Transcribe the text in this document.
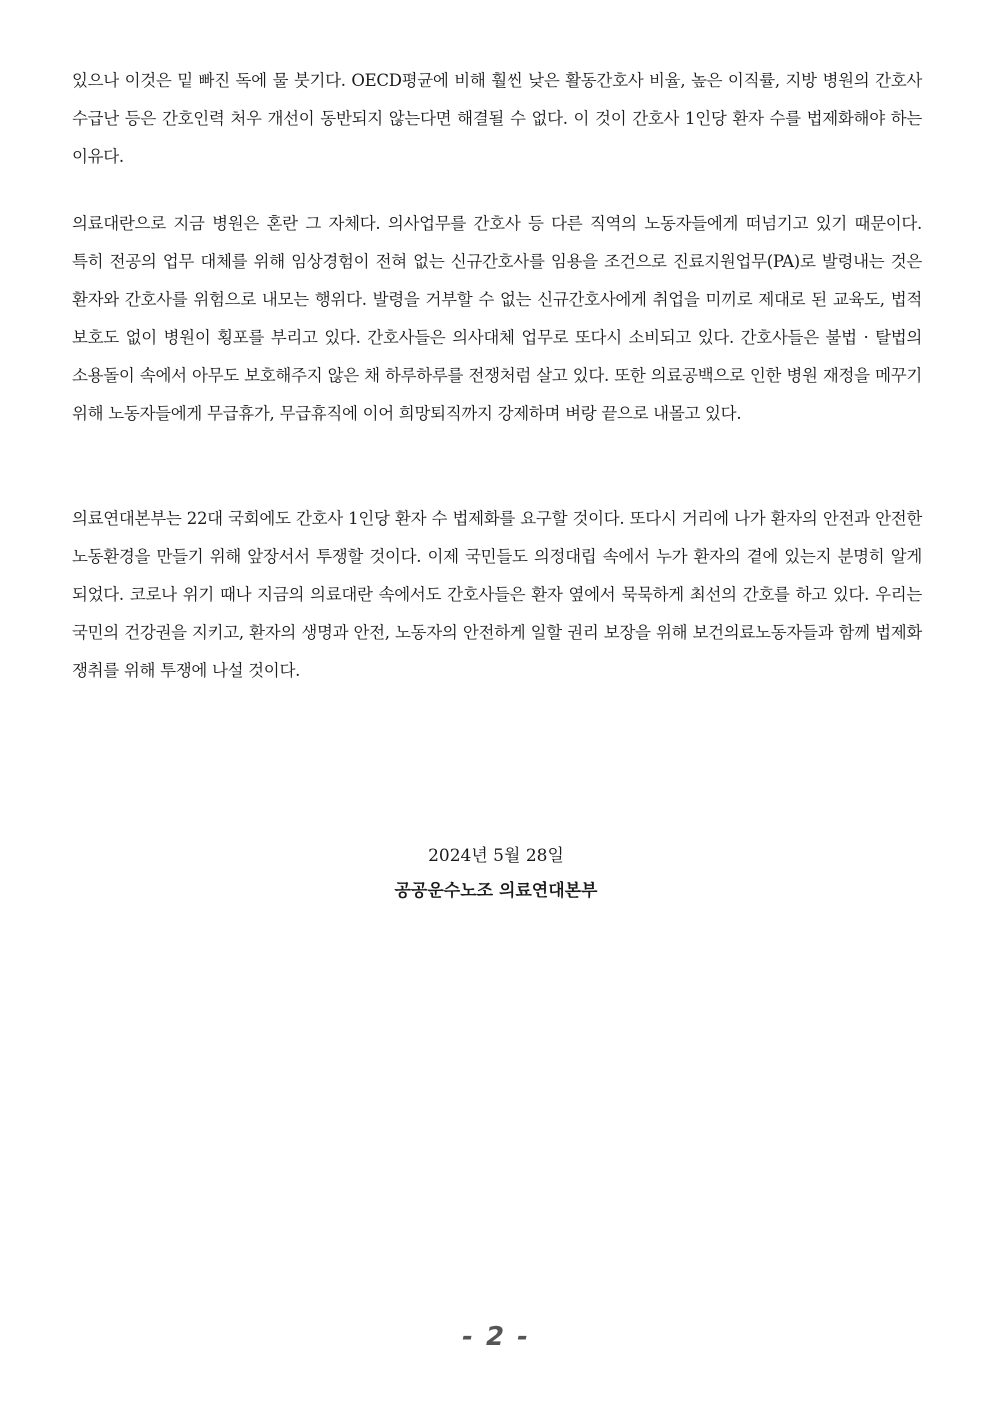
있으나 이것은 밑 빠진 독에 물 붓기다. OECD평균에 비해 훨씬 낮은 활동간호사 비율, 높은 이직률, 지방 병원의 간호사 수급난 등은 간호인력 처우 개선이 동반되지 않는다면 해결될 수 없다. 이 것이 간호사 1인당 환자 수를 법제화해야 하는 이유다.

의료대란으로 지금 병원은 혼란 그 자체다. 의사업무를 간호사 등 다른 직역의 노동자들에게 떠넘기고 있기 때문이다. 특히 전공의 업무 대체를 위해 임상경험이 전혀 없는 신규간호사를 임용을 조건으로 진료지원업무(PA)로 발령내는 것은 환자와 간호사를 위험으로 내모는 행위다. 발령을 거부할 수 없는 신규간호사에게 취업을 미끼로 제대로 된 교육도, 법적 보호도 없이 병원이 횡포를 부리고 있다. 간호사들은 의사대체 업무로 또다시 소비되고 있다. 간호사들은 불법 · 탈법의 소용돌이 속에서 아무도 보호해주지 않은 채 하루하루를 전쟁처럼 살고 있다. 또한 의료공백으로 인한 병원 재정을 메꾸기 위해 노동자들에게 무급휴가, 무급휴직에 이어 희망퇴직까지 강제하며 벼랑 끝으로 내몰고 있다.

의료연대본부는 22대 국회에도 간호사 1인당 환자 수 법제화를 요구할 것이다. 또다시 거리에 나가 환자의 안전과 안전한 노동환경을 만들기 위해 앞장서서 투쟁할 것이다. 이제 국민들도 의정대립 속에서 누가 환자의 곁에 있는지 분명히 알게 되었다. 코로나 위기 때나 지금의 의료대란 속에서도 간호사들은 환자 옆에서 묵묵하게 최선의 간호를 하고 있다. 우리는 국민의 건강권을 지키고, 환자의 생명과 안전, 노동자의 안전하게 일할 권리 보장을 위해 보건의료노동자들과 함께 법제화 쟁취를 위해 투쟁에 나설 것이다.

2024년 5월 28일
공공운수노조 의료연대본부
- 2 -
